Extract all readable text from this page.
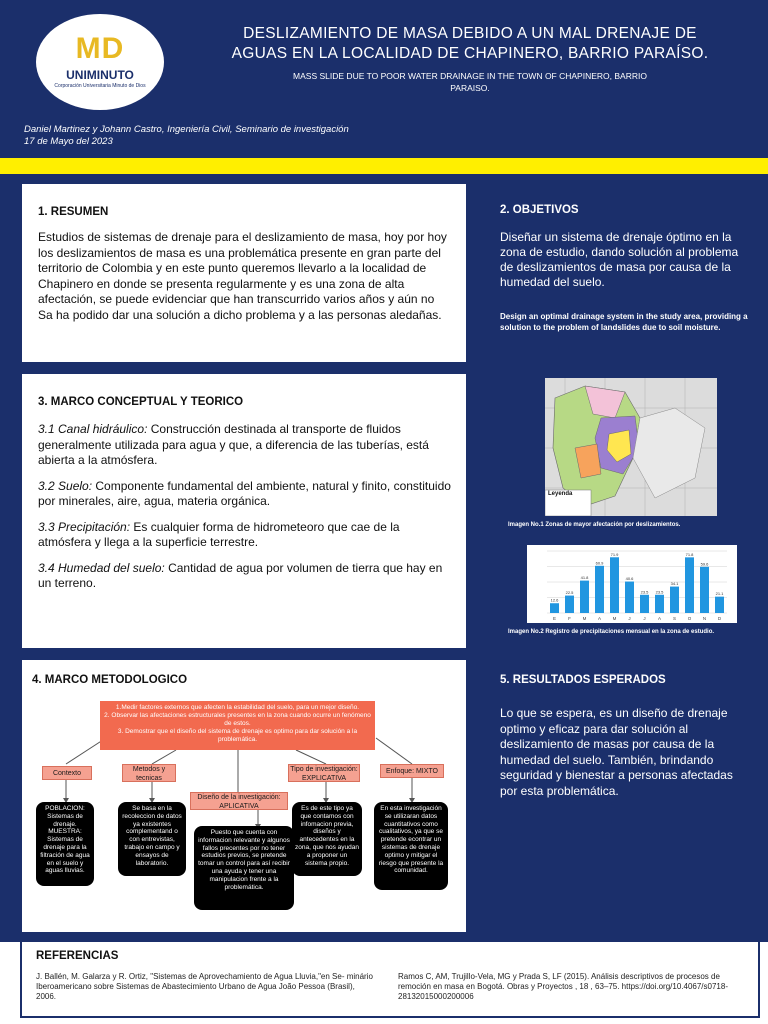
MD
UNIMINUTO
Corporación Universitaria Minuto de Dios
DESLIZAMIENTO DE MASA DEBIDO A UN MAL DRENAJE DE
AGUAS EN LA LOCALIDAD DE CHAPINERO, BARRIO PARAÍSO.
MASS SLIDE DUE TO POOR WATER DRAINAGE IN THE TOWN OF CHAPINERO, BARRIO
PARAISO.
Daniel Martinez y Johann Castro, Ingeniería Civil, Seminario de investigación
17 de Mayo del 2023
1. RESUMEN

Estudios de sistemas de drenaje para el deslizamiento de masa, hoy por hoy los deslizamientos de masa es una problemática presente en gran parte del territorio de Colombia y en este punto queremos llevarlo a la localidad de Chapinero en donde se presenta regularmente y es una zona de alta afectación, se puede evidenciar que han transcurrido varios años y aún no Sa ha podido dar una solución a dicho problema y a las personas aledañas.

3. MARCO CONCEPTUAL Y TEORICO

3.1 Canal hidráulico: Construcción destinada al transporte de fluidos generalmente utilizada para agua y que, a diferencia de las tuberías, está abierta a la atmósfera.

3.2 Suelo: Componente fundamental del ambiente, natural y finito, constituido por minerales, aire, agua, materia orgánica.

3.3 Precipitación: Es cualquier forma de hidrometeoro que cae de la atmósfera y llega a la superficie terrestre.

3.4 Humedad del suelo: Cantidad de agua por volumen de tierra que hay en un terreno.

4. MARCO METODOLOGICO
1.Medir factores externos que afecten la estabilidad del suelo, para un mejor diseño.
2. Observar las afectaciones estructurales presentes en la zona cuando ocurre un fenómeno de estos.
3. Demostrar que el diseño del sistema de drenaje es optimo para dar solución a la problemática.
Contexto
Metodos y tecnicas
Diseño de la investigación: APLICATIVA
Tipo de investigación: EXPLICATIVA
Enfoque: MIXTO
POBLACION: Sistemas de drenaje. MUESTRA: Sistemas de drenaje para la filtración de agua en el suelo y aguas lluvias.
Se basa en la recoleccion de datos ya existentes complementand o con entrevistas, trabajo en campo y ensayos de laboratorio.
Puesto que cuenta con informacion relevante y algunos fallos precentes por no tener estudios previos, se pretende tomar un control para así recibir una ayuda y tener una manipulacion frente a la problemática.
Es de este tipo ya que contamos con infomacion previa, diseños y antecedentes en la zona, que nos ayudan a proponer un sistema propio.
En esta investigación se utilizaran datos cuantitativos como cualitativos, ya que se pretende econtrar un sistemas de drenaje optimo y mitigar el riesgo que presente la comunidad.
2. OBJETIVOS
Diseñar un sistema de drenaje óptimo en la zona de estudio, dando solución al problema de deslizamientos de masa por causa de la humedad del suelo.
Design an optimal drainage system in the study area, providing a solution to the problem of landslides due to soil moisture.
5. RESULTADOS ESPERADOS
Lo que se espera, es un diseño de drenaje optimo y eficaz para dar solución al deslizamiento de masas por causa de la humedad del suelo. También, brindando seguridad y bienestar a personas afectadas por esta problemática.
Leyenda
Imagen No.1 Zonas de mayor afectación por deslizamientos.
12.6
E
22.5
F
41.8
M
60.9
A
71.9
M
40.6
J
23.5
J
23.5
A
34.1
S
71.8
O
59.6
N
21.1
D
Imagen No.2 Registro de precipitaciones mensual en la zona de estudio.
REFERENCIAS
J. Ballén, M. Galarza y R. Ortiz, "Sistemas de Aprovechamiento de Agua Lluvia,"en Se- minário Iberoamericano sobre Sistemas de Abastecimiento Urbano de Agua João Pessoa (Brasil), 2006.
Ramos C, AM, Trujillo-Vela, MG y Prada S, LF (2015). Análisis descriptivos de procesos de remoción en masa en Bogotá. Obras y Proyectos , 18 , 63–75. https://doi.org/10.4067/s0718-28132015000200006
